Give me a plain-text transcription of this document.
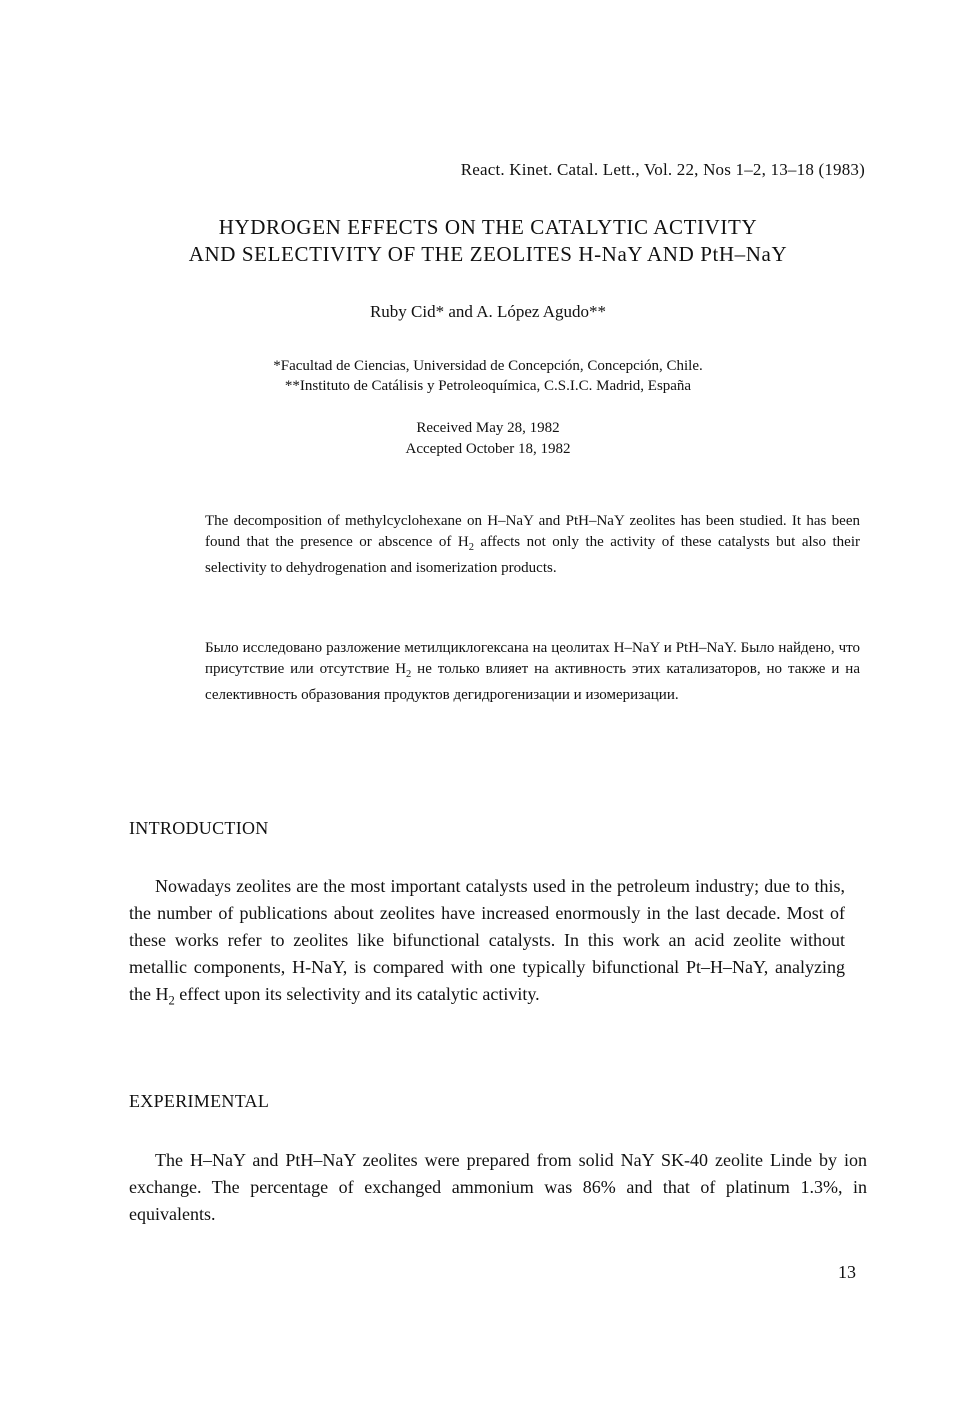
React. Kinet. Catal. Lett., Vol. 22, Nos 1–2, 13–18 (1983)
HYDROGEN EFFECTS ON THE CATALYTIC ACTIVITY
AND SELECTIVITY OF THE ZEOLITES H-NaY AND PtH–NaY
Ruby Cid* and A. López Agudo**
*Facultad de Ciencias, Universidad de Concepción, Concepción, Chile.
**Instituto de Catálisis y Petroleoquímica, C.S.I.C. Madrid, España
Received May 28, 1982
Accepted October 18, 1982
The decomposition of methylcyclohexane on H–NaY and PtH–NaY zeolites has been studied. It has been found that the presence or abscence of $H_2$ affects not only the activity of these catalysts but also their selectivity to dehydrogenation and isomerization products.
Было исследовано разложение метилциклогексана на цеолитах H–NaY и PtH–NaY. Было найдено, что присутствие или отсутствие $H_2$ не только влияет на активность этих катализаторов, но также и на селективность образования продуктов дегидрогенизации и изомеризации.
INTRODUCTION
Nowadays zeolites are the most important catalysts used in the petroleum industry; due to this, the number of publications about zeolites have increased enormously in the last decade. Most of these works refer to zeolites like bifunctional catalysts. In this work an acid zeolite without metallic components, H-NaY, is compared with one typically bifunctional Pt–H–NaY, analyzing the $H_2$ effect upon its selectivity and its catalytic activity.
EXPERIMENTAL
The H–NaY and PtH–NaY zeolites were prepared from solid NaY SK-40 zeolite Linde by ion exchange. The percentage of exchanged ammonium was 86% and that of platinum 1.3%, in equivalents.
13
